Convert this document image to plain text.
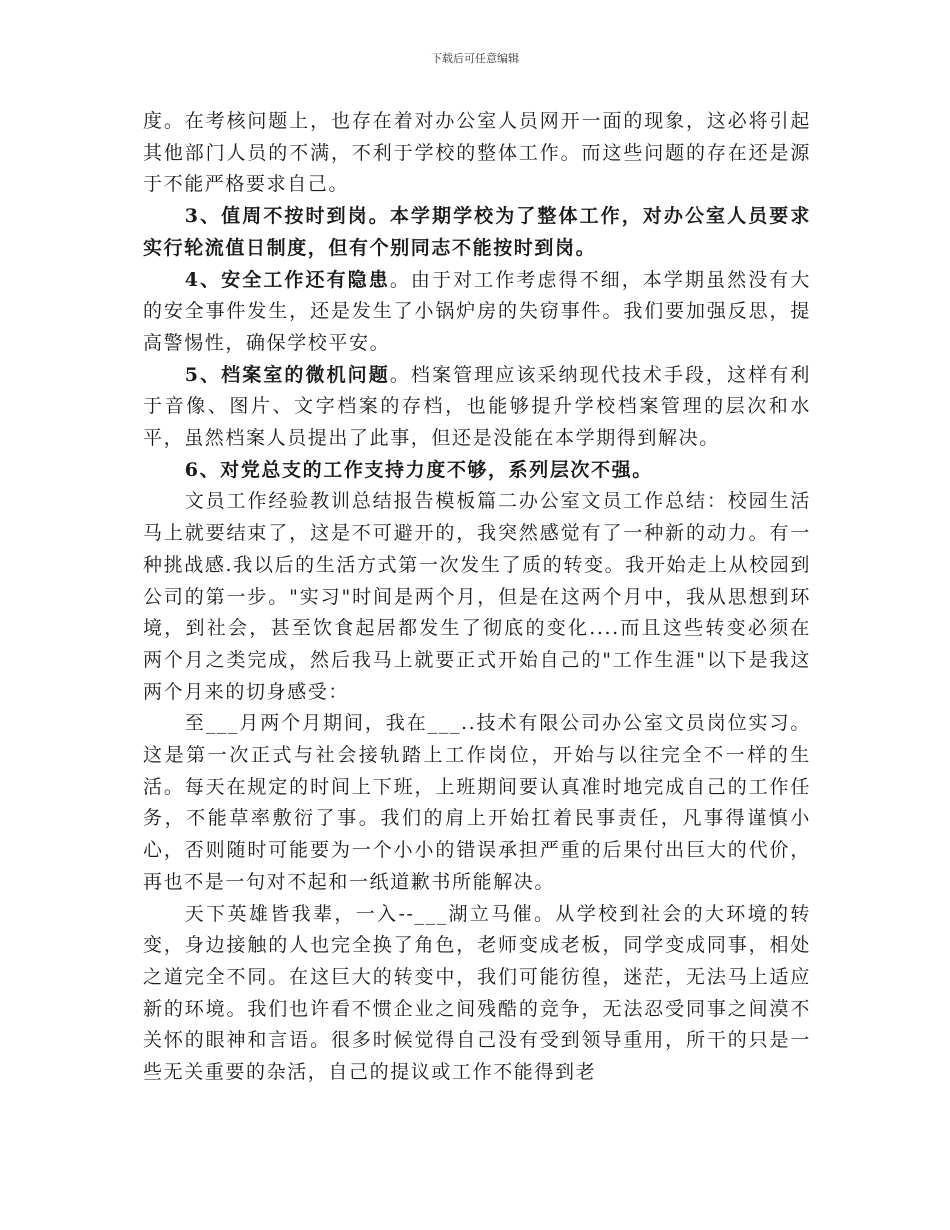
下载后可任意编辑

度。在考核问题上，也存在着对办公室人员网开一面的现象，这必将引起其他部门人员的不满，不利于学校的整体工作。而这些问题的存在还是源于不能严格要求自己。

3、值周不按时到岗。本学期学校为了整体工作，对办公室人员要求实行轮流值日制度，但有个别同志不能按时到岗。

4、安全工作还有隐患。由于对工作考虑得不细，本学期虽然没有大的安全事件发生，还是发生了小锅炉房的失窃事件。我们要加强反思，提高警惕性，确保学校平安。

5、档案室的微机问题。档案管理应该采纳现代技术手段，这样有利于音像、图片、文字档案的存档，也能够提升学校档案管理的层次和水平，虽然档案人员提出了此事，但还是没能在本学期得到解决。

6、对党总支的工作支持力度不够，系列层次不强。

文员工作经验教训总结报告模板篇二办公室文员工作总结：校园生活马上就要结束了，这是不可避开的，我突然感觉有了一种新的动力。有一种挑战感.我以后的生活方式第一次发生了质的转变。我开始走上从校园到公司的第一步。"实习"时间是两个月，但是在这两个月中，我从思想到环境，到社会，甚至饮食起居都发生了彻底的变化....而且这些转变必须在两个月之类完成，然后我马上就要正式开始自己的"工作生涯"以下是我这两个月来的切身感受：

至___月两个月期间，我在___..技术有限公司办公室文员岗位实习。这是第一次正式与社会接轨踏上工作岗位，开始与以往完全不一样的生活。每天在规定的时间上下班，上班期间要认真准时地完成自己的工作任务，不能草率敷衍了事。我们的肩上开始扛着民事责任，凡事得谨慎小心，否则随时可能要为一个小小的错误承担严重的后果付出巨大的代价，再也不是一句对不起和一纸道歉书所能解决。

天下英雄皆我辈，一入--___湖立马催。从学校到社会的大环境的转变，身边接触的人也完全换了角色，老师变成老板，同学变成同事，相处之道完全不同。在这巨大的转变中，我们可能彷徨，迷茫，无法马上适应新的环境。我们也许看不惯企业之间残酷的竞争，无法忍受同事之间漠不关怀的眼神和言语。很多时候觉得自己没有受到领导重用，所干的只是一些无关重要的杂活，自己的提议或工作不能得到老
